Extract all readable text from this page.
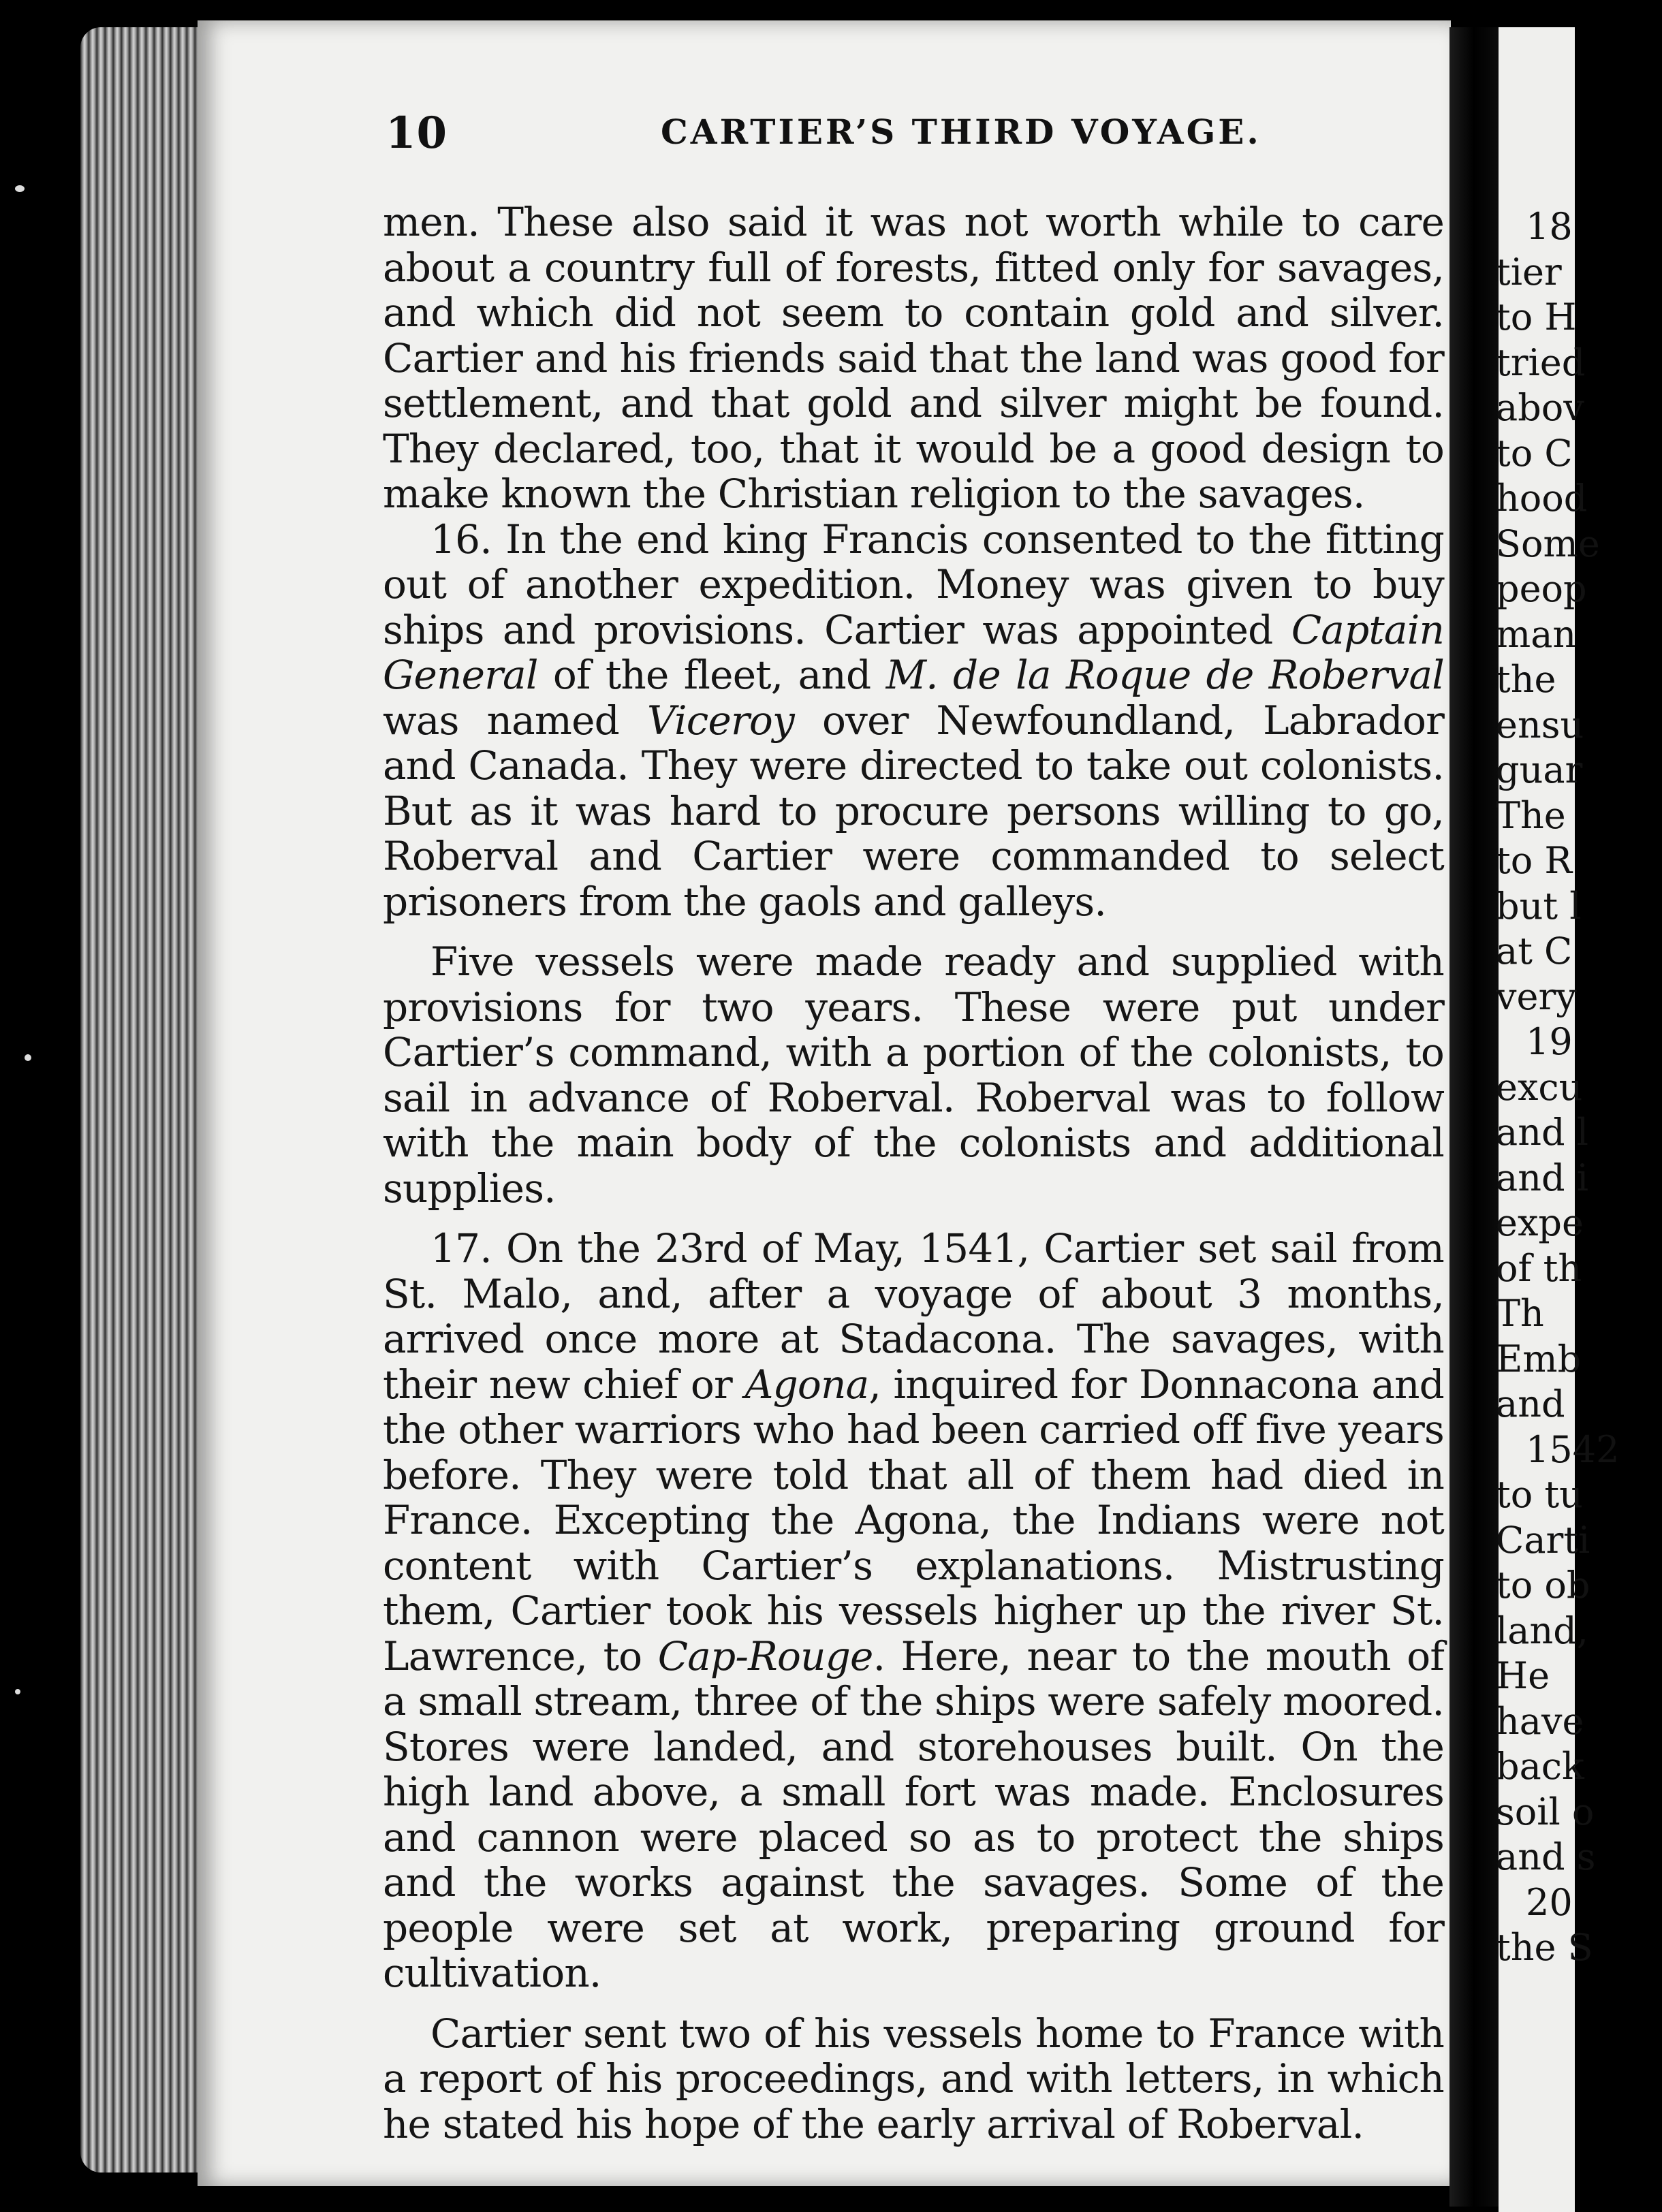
18
tier
to H
tried
abov
to C
hood
Some
peop
man
the
ensu
guar
The
to R
but l
at C
very
19
excu
and l
and i
expe
of th
Th
Emb
and
1542
to tu
Carti
to ob
land,
He
have
back
soil o
and s
20
the S
10	CARTIER’S THIRD VOYAGE.

men. These also said it was not worth while to care about a country full of forests, fitted only for savages, and which did not seem to contain gold and silver. Cartier and his friends said that the land was good for settlement, and that gold and silver might be found. They declared, too, that it would be a good design to make known the Christian religion to the savages.

16. In the end king Francis consented to the fitting out of another expedition. Money was given to buy ships and provisions. Cartier was appointed Captain General of the fleet, and M. de la Roque de Roberval was named Viceroy over Newfoundland, Labrador and Canada. They were directed to take out colonists. But as it was hard to procure persons willing to go, Roberval and Cartier were commanded to select prisoners from the gaols and galleys.

Five vessels were made ready and supplied with provisions for two years. These were put under Cartier’s command, with a portion of the colonists, to sail in advance of Roberval. Roberval was to follow with the main body of the colonists and additional supplies.

17. On the 23rd of May, 1541, Cartier set sail from St. Malo, and, after a voyage of about 3 months, arrived once more at Stadacona. The savages, with their new chief or Agona, inquired for Donnacona and the other warriors who had been carried off five years before. They were told that all of them had died in France. Excepting the Agona, the Indians were not content with Cartier’s explanations. Mistrusting them, Cartier took his vessels higher up the river St. Lawrence, to Cap-Rouge. Here, near to the mouth of a small stream, three of the ships were safely moored. Stores were landed, and storehouses built. On the high land above, a small fort was made. Enclosures and cannon were placed so as to protect the ships and the works against the savages. Some of the people were set at work, preparing ground for cultivation.

Cartier sent two of his vessels home to France with a report of his proceedings, and with letters, in which he stated his hope of the early arrival of Roberval.
